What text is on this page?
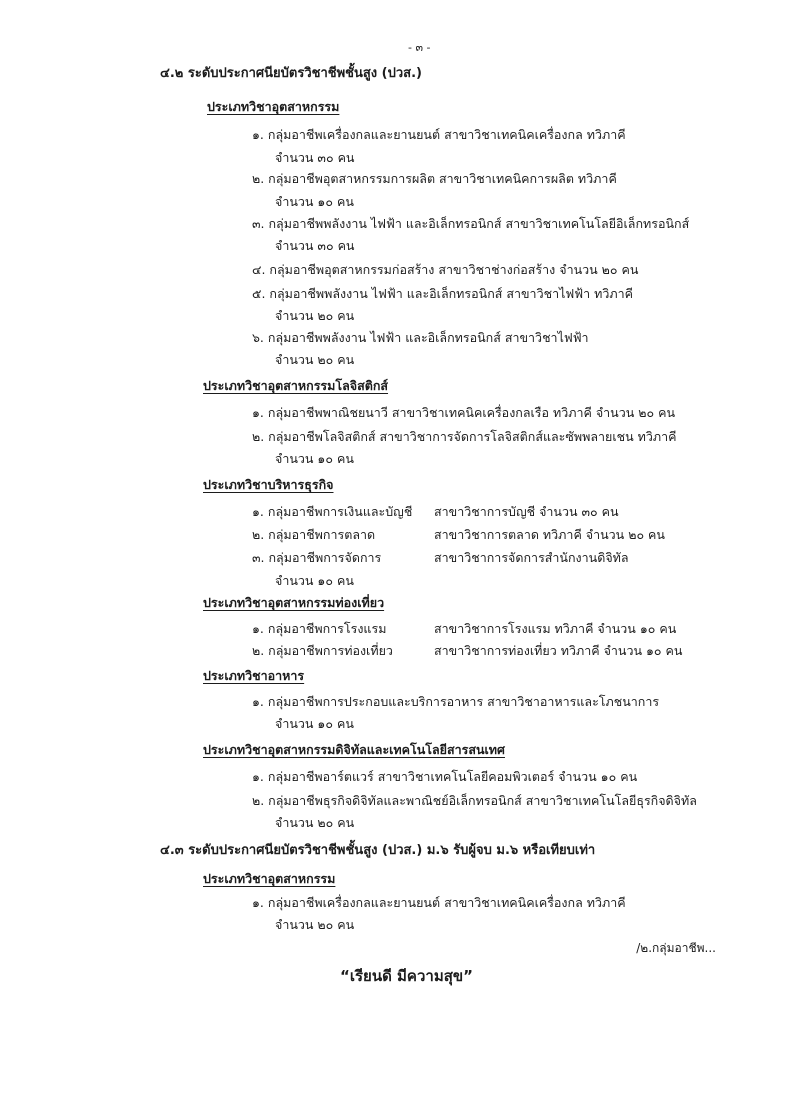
- ๓ -
๔.๒ ระดับประกาศนียบัตรวิชาชีพชั้นสูง (ปวส.)
ประเภทวิชาอุตสาหกรรม
๑. กลุ่มอาชีพเครื่องกลและยานยนต์ สาขาวิชาเทคนิคเครื่องกล ทวิภาคี
จำนวน ๓๐ คน
๒. กลุ่มอาชีพอุตสาหกรรมการผลิต สาขาวิชาเทคนิคการผลิต ทวิภาคี
จำนวน ๑๐ คน
๓. กลุ่มอาชีพพลังงาน ไฟฟ้า และอิเล็กทรอนิกส์ สาขาวิชาเทคโนโลยีอิเล็กทรอนิกส์
จำนวน ๓๐ คน
๔. กลุ่มอาชีพอุตสาหกรรมก่อสร้าง สาขาวิชาช่างก่อสร้าง จำนวน ๒๐ คน
๕. กลุ่มอาชีพพลังงาน ไฟฟ้า และอิเล็กทรอนิกส์ สาขาวิชาไฟฟ้า ทวิภาคี
จำนวน ๒๐ คน
๖. กลุ่มอาชีพพลังงาน ไฟฟ้า และอิเล็กทรอนิกส์ สาขาวิชาไฟฟ้า
จำนวน ๒๐ คน
ประเภทวิชาอุตสาหกรรมโลจิสติกส์
๑. กลุ่มอาชีพพาณิชยนาวี สาขาวิชาเทคนิคเครื่องกลเรือ ทวิภาคี จำนวน ๒๐ คน
๒. กลุ่มอาชีพโลจิสติกส์ สาขาวิชาการจัดการโลจิสติกส์และซัพพลายเชน ทวิภาคี
จำนวน ๑๐ คน
ประเภทวิชาบริหารธุรกิจ
๑. กลุ่มอาชีพการเงินและบัญชี สาขาวิชาการบัญชี จำนวน ๓๐ คน
๒. กลุ่มอาชีพการตลาด	สาขาวิชาการตลาด ทวิภาคี จำนวน ๒๐ คน
๓. กลุ่มอาชีพการจัดการ	สาขาวิชาการจัดการสำนักงานดิจิทัล
จำนวน ๑๐ คน
ประเภทวิชาอุตสาหกรรมท่องเที่ยว
๑. กลุ่มอาชีพการโรงแรม	สาขาวิชาการโรงแรม ทวิภาคี จำนวน ๑๐ คน
๒. กลุ่มอาชีพการท่องเที่ยว	สาขาวิชาการท่องเที่ยว ทวิภาคี จำนวน ๑๐ คน
ประเภทวิชาอาหาร
๑. กลุ่มอาชีพการประกอบและบริการอาหาร สาขาวิชาอาหารและโภชนาการ
จำนวน ๑๐ คน
ประเภทวิชาอุตสาหกรรมดิจิทัลและเทคโนโลยีสารสนเทศ
๑. กลุ่มอาชีพอาร์ตแวร์ สาขาวิชาเทคโนโลยีคอมพิวเตอร์ จำนวน ๑๐ คน
๒. กลุ่มอาชีพธุรกิจดิจิทัลและพาณิชย์อิเล็กทรอนิกส์ สาขาวิชาเทคโนโลยีธุรกิจดิจิทัล
จำนวน ๒๐ คน
๔.๓ ระดับประกาศนียบัตรวิชาชีพชั้นสูง (ปวส.) ม.๖ รับผู้จบ ม.๖ หรือเทียบเท่า
ประเภทวิชาอุตสาหกรรม
๑. กลุ่มอาชีพเครื่องกลและยานยนต์ สาขาวิชาเทคนิคเครื่องกล ทวิภาคี
จำนวน ๒๐ คน
/๒.กลุ่มอาชีพ...
“เรียนดี มีความสุข”
